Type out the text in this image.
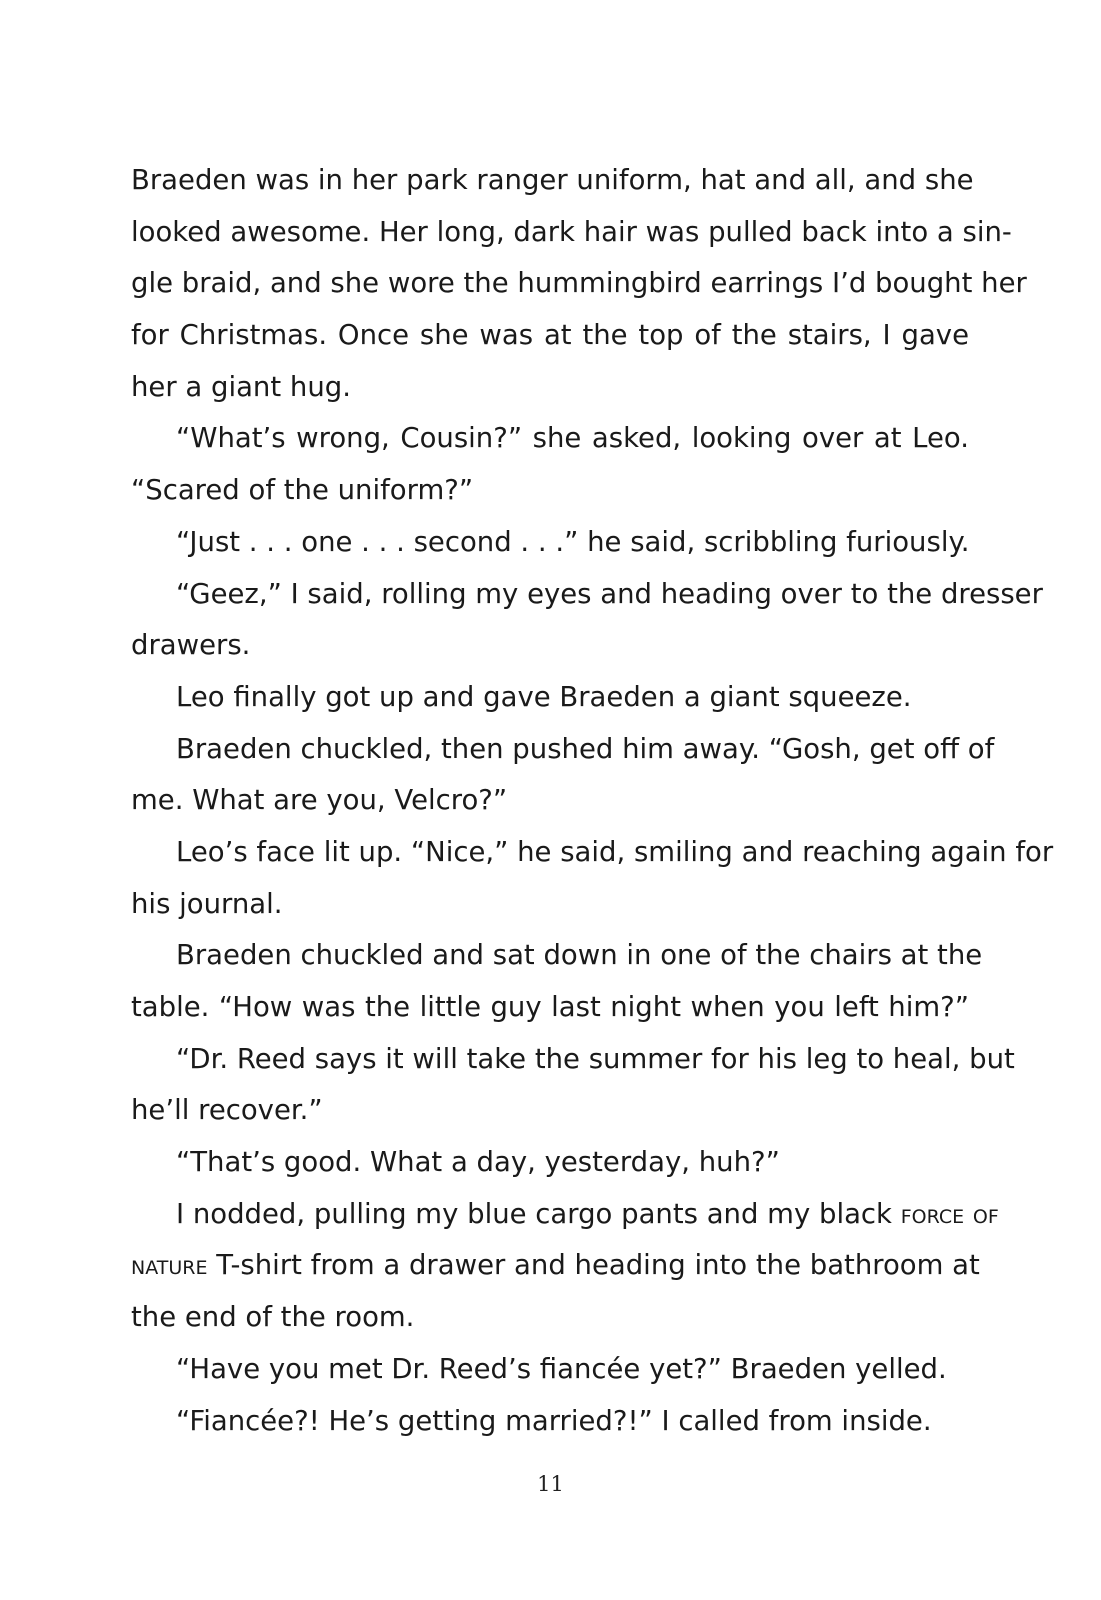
Braeden was in her park ranger uniform, hat and all, and she
looked awesome. Her long, dark hair was pulled back into a sin-
gle braid, and she wore the hummingbird earrings I’d bought her
for Christmas. Once she was at the top of the stairs, I gave
her a giant hug.
“What’s wrong, Cousin?” she asked, looking over at Leo.
“Scared of the uniform?”
“Just . . . one . . . second . . .” he said, scribbling furiously.
“Geez,” I said, rolling my eyes and heading over to the dresser
drawers.
Leo finally got up and gave Braeden a giant squeeze.
Braeden chuckled, then pushed him away. “Gosh, get off of
me. What are you, Velcro?”
Leo’s face lit up. “Nice,” he said, smiling and reaching again for
his journal.
Braeden chuckled and sat down in one of the chairs at the
table. “How was the little guy last night when you left him?”
“Dr. Reed says it will take the summer for his leg to heal, but
he’ll recover.”
“That’s good. What a day, yesterday, huh?”
I nodded, pulling my blue cargo pants and my black force of
nature T-shirt from a drawer and heading into the bathroom at
the end of the room.
“Have you met Dr. Reed’s fiancée yet?” Braeden yelled.
“Fiancée?! He’s getting married?!” I called from inside.
11
